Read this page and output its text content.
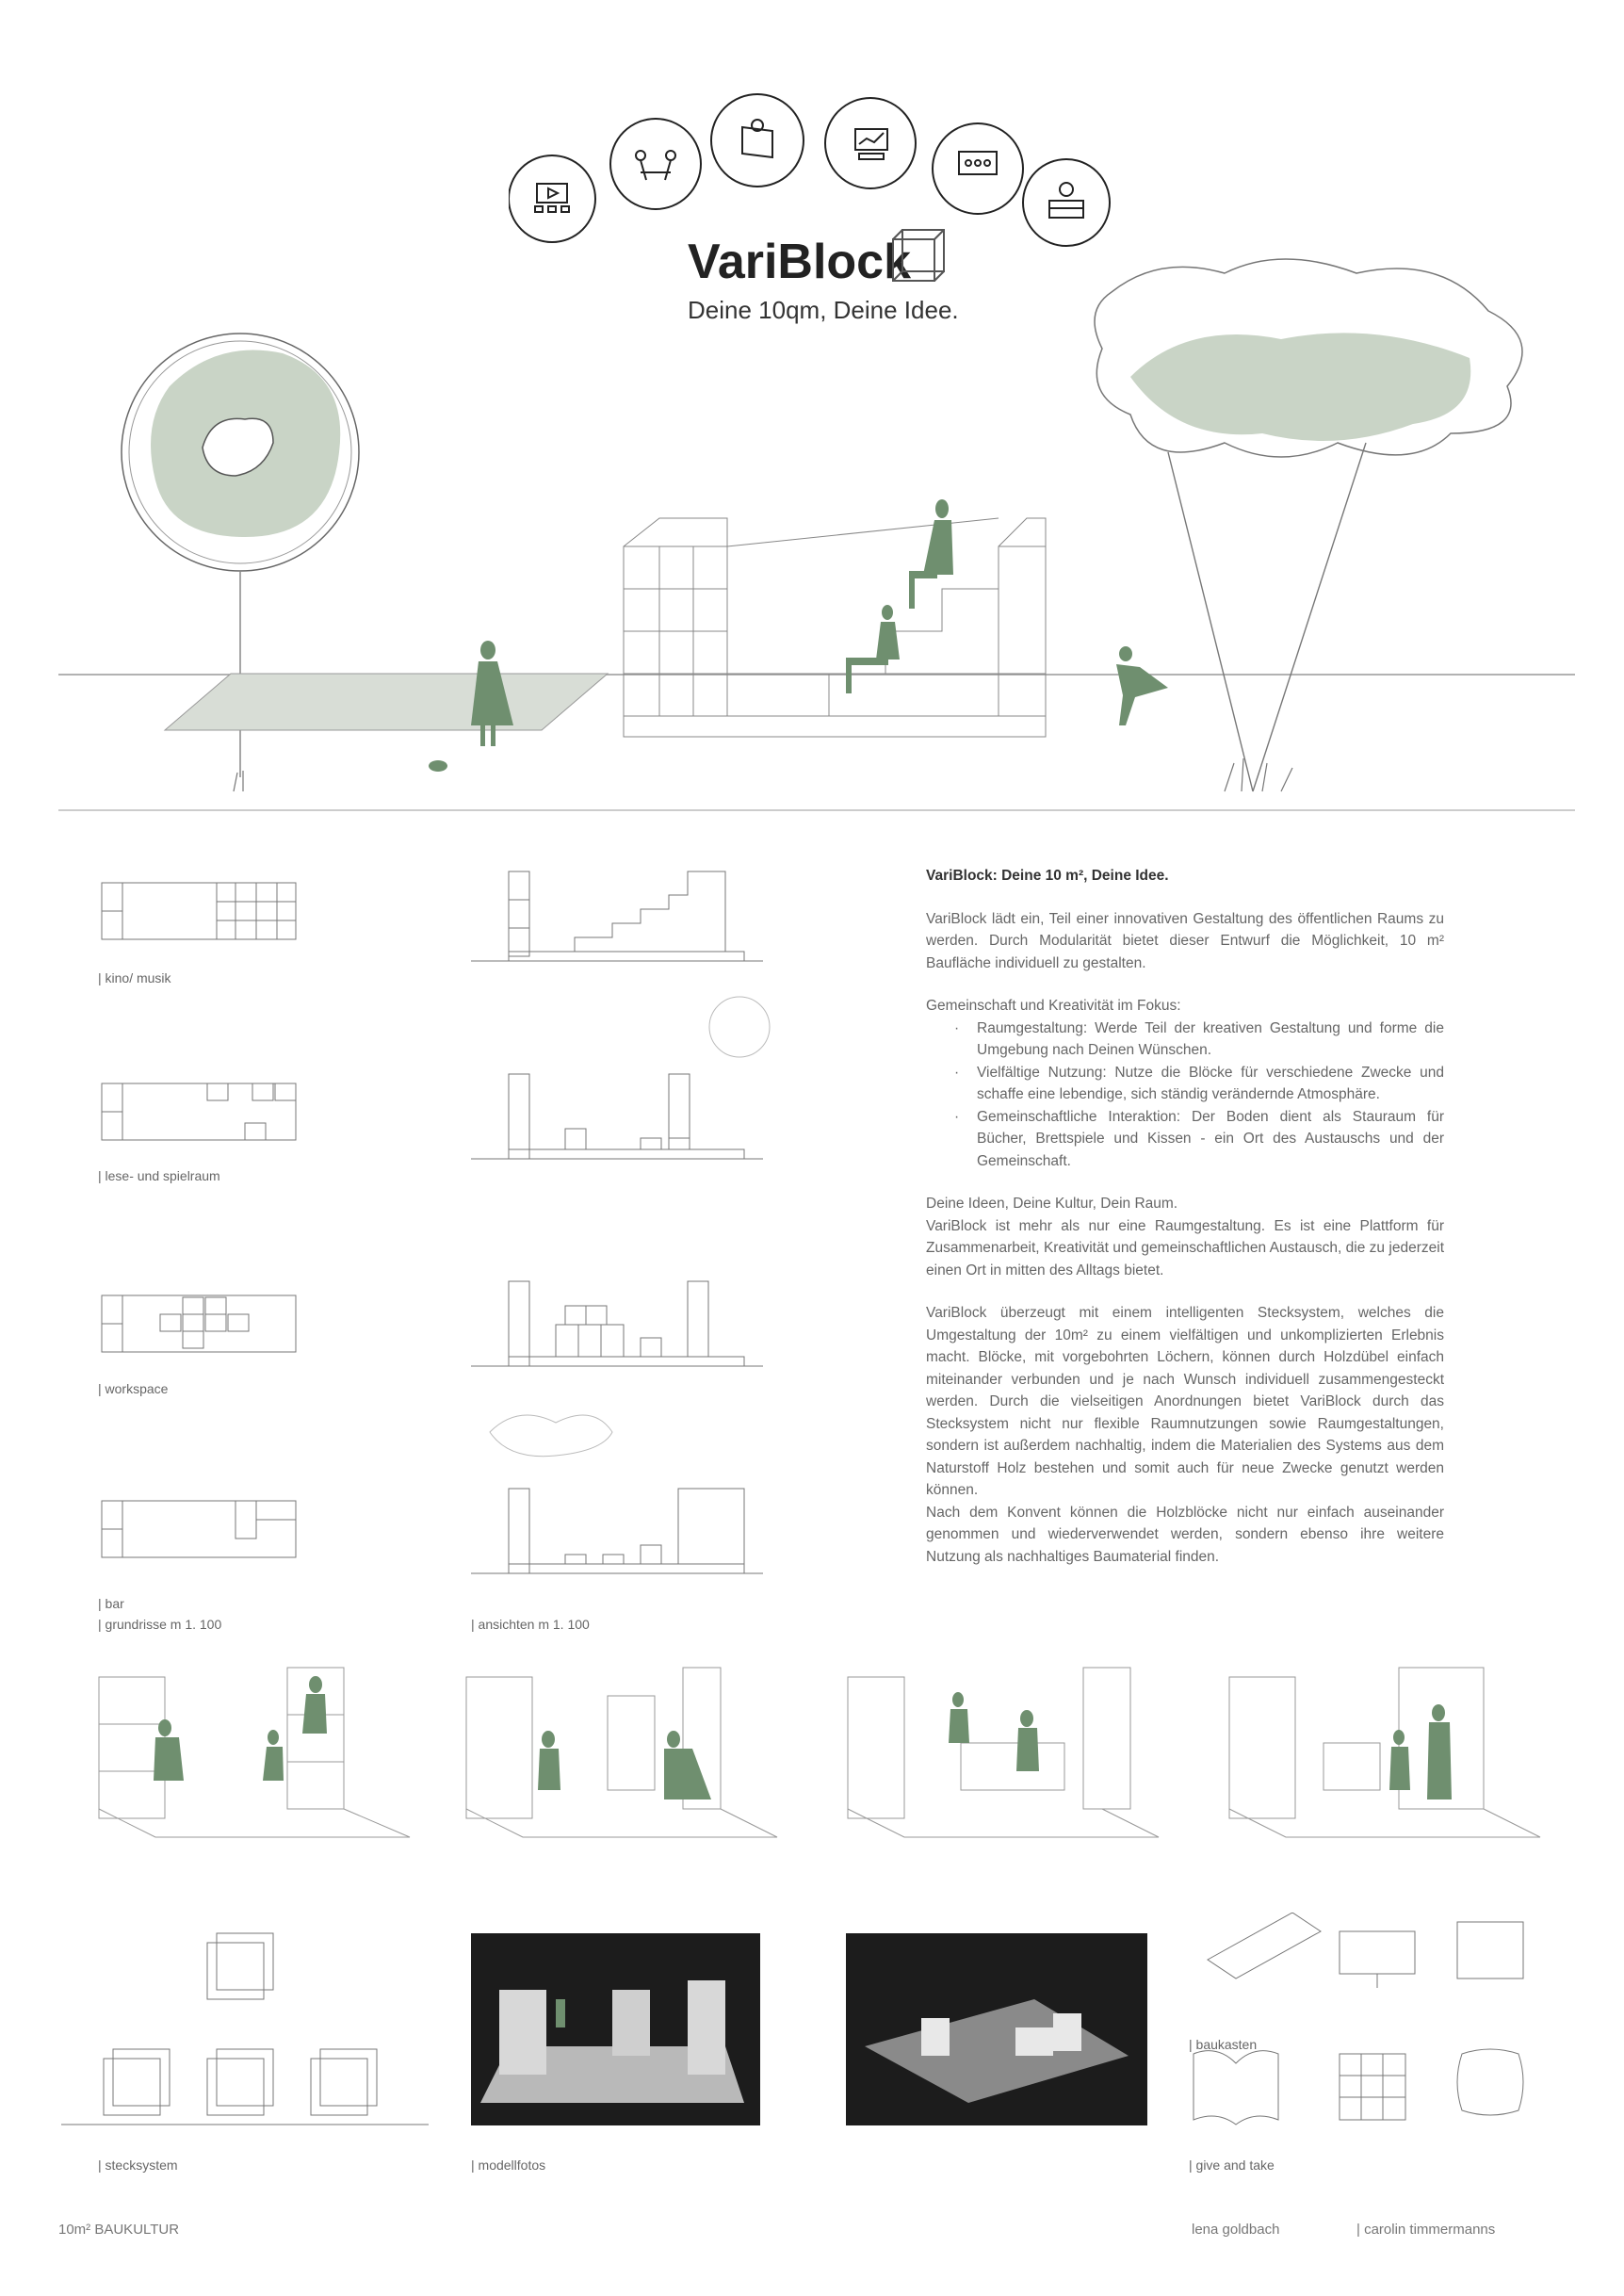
VariBlock
Deine 10qm, Deine Idee.
| kino/ musik
| lese- und spielraum
| workspace
| bar
| grundrisse m 1. 100	| ansichten m 1. 100
VariBlock: Deine 10 m², Deine Idee.

VariBlock lädt ein, Teil einer innovativen Gestaltung des öffentlichen Raums zu werden. Durch Modularität bietet dieser Entwurf die Möglichkeit, 10 m² Baufläche individuell zu gestalten.

Gemeinschaft und Kreativität im Fokus:
· Raumgestaltung: Werde Teil der kreativen Gestaltung und forme die Umgebung nach Deinen Wünschen.
· Vielfältige Nutzung: Nutze die Blöcke für verschiedene Zwecke und schaffe eine lebendige, sich ständig verändernde Atmosphäre.
· Gemeinschaftliche Interaktion: Der Boden dient als Stauraum für Bücher, Brettspiele und Kissen - ein Ort des Austauschs und der Gemeinschaft.
Deine Ideen, Deine Kultur, Dein Raum.

VariBlock ist mehr als nur eine Raumgestaltung. Es ist eine Plattform für Zusammenarbeit, Kreativität und gemeinschaftlichen Austausch, die zu jederzeit einen Ort in mitten des Alltags bietet.

VariBlock überzeugt mit einem intelligenten Stecksystem, welches die Umgestaltung der 10m² zu einem vielfältigen und unkomplizierten Erlebnis macht. Blöcke, mit vorgebohrten Löchern, können durch Holzdübel einfach miteinander verbunden und je nach Wunsch individuell zusammengesteckt werden. Durch die vielseitigen Anordnungen bietet VariBlock durch das Stecksystem nicht nur flexible Raumnutzungen sowie Raumgestaltungen, sondern ist außerdem nachhaltig, indem die Materialien des Systems aus dem Naturstoff Holz bestehen und somit auch für neue Zwecke genutzt werden können.
Nach dem Konvent können die Holzblöcke nicht nur einfach auseinander genommen und wiederverwendet werden, sondern ebenso ihre weitere Nutzung als nachhaltiges Baumaterial finden.
| stecksystem	| modellfotos
| baukasten
| give and take
10m² BAUKULTUR	lena goldbach	| carolin timmermanns
